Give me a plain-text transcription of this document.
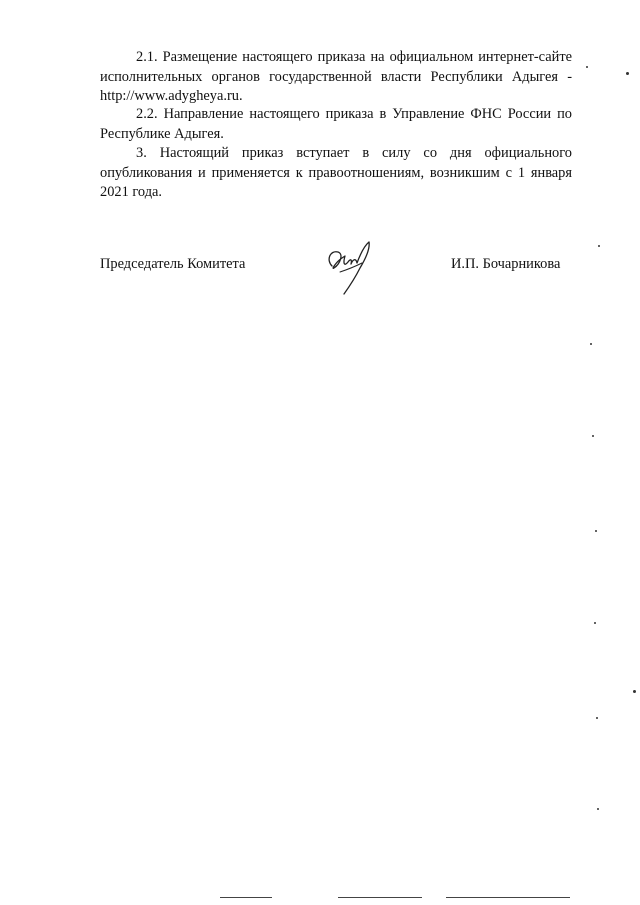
2.1. Размещение настоящего приказа на официальном интернет-сайте исполнительных органов государственной власти Республики Адыгея - http://www.adygheya.ru.

2.2. Направление настоящего приказа в Управление ФНС России по Республике Адыгея.

3. Настоящий приказ вступает в силу со дня официального опубликования и применяется к правоотношениям, возникшим с 1 января 2021 года.

Председатель Комитета	И.П. Бочарникова
